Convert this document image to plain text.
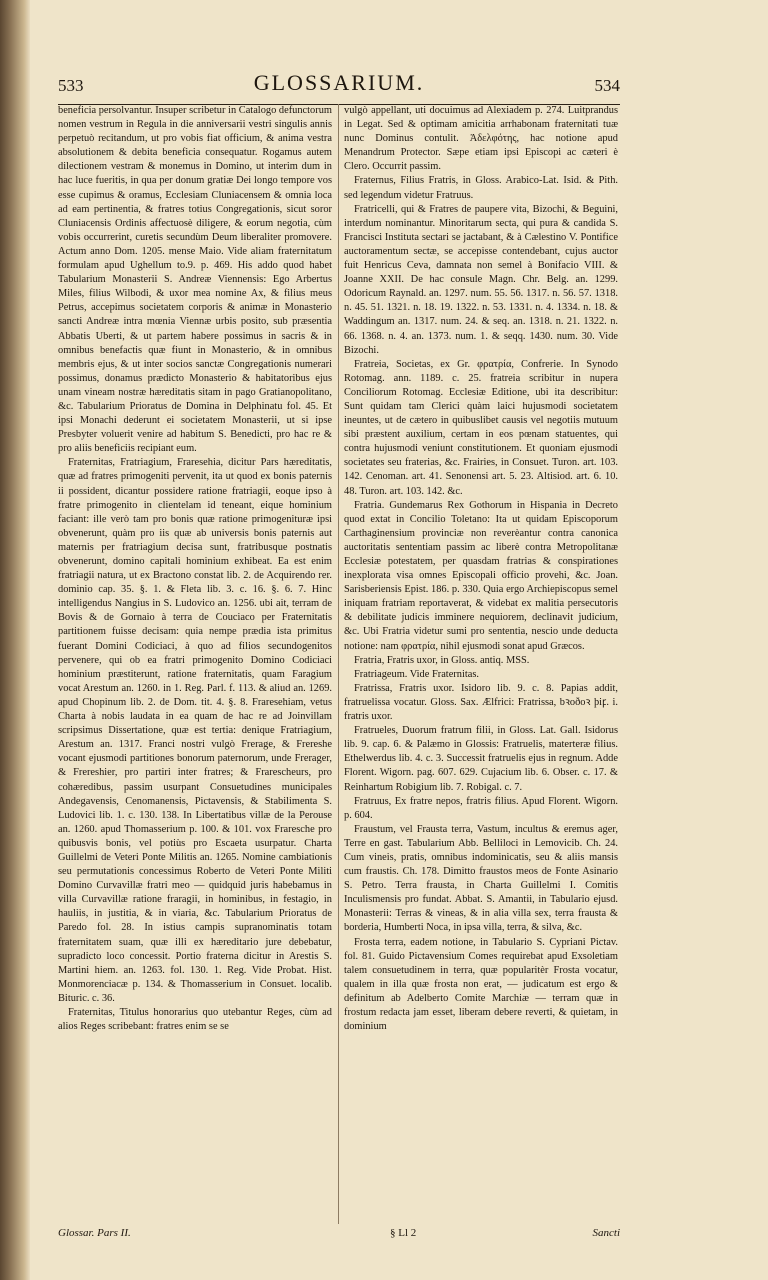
533	GLOSSARIUM.	534

beneficia persolvantur. Insuper scribetur in Catalogo defunctorum nomen vestrum in Regula in die anniversarii vestri singulis annis perpetuò recitandum, ut pro vobis fiat officium, & anima vestra absolutionem & debita beneficia consequatur. Rogamus autem dilectionem vestram & monemus in Domino, ut interim dum in hac luce fueritis, in qua per donum gratiæ Dei longo tempore vos esse cupimus & oramus, Ecclesiam Cluniacensem & omnia loca ad eam pertinentia, & fratres totius Congregationis, sicut soror Cluniacensis Ordinis affectuosè diligere, & eorum negotia, cùm vobis occurrerint, curetis secundùm Deum liberaliter promovere. Actum anno Dom. 1205. mense Maio. Vide aliam fraternitatum formulam apud Ughellum to.9. p. 469. His addo quod habet Tabularium Monasterii S. Andreæ Viennensis: Ego Arbertus Miles, filius Wilbodi, & uxor mea nomine Ax, & filius meus Petrus, accepimus societatem corporis & animæ in Monasterio sancti Andreæ intra mœnia Viennæ urbis posito, sub præsentia Abbatis Uberti, & ut partem habere possimus in sacris & in omnibus benefactis quæ fiunt in Monasterio, & in omnibus membris ejus, & ut inter socios sanctæ Congregationis numerari possimus, donamus prædicto Monasterio & habitatoribus ejus unam vineam nostræ hæreditatis sitam in pago Gratianopolitano, &c. Tabularium Prioratus de Domina in Delphinatu fol. 45. Et ipsi Monachi dederunt ei societatem Monasterii, ut si ipse Presbyter voluerit venire ad habitum S. Benedicti, pro hac re & pro aliis beneficiis recipiant eum.

Fraternitas, Fratriagium, Fraresehia, dicitur Pars hæreditatis, quæ ad fratres primogeniti pervenit, ita ut quod ex bonis paternis ii possident, dicantur possidere ratione fratriagii, eoque ipso à fratre primogenito in clientelam id teneant, eique hominium faciant: ille verò tam pro bonis quæ ratione primogenituræ ipsi obvenerunt, quàm pro iis quæ ab universis bonis paternis aut maternis per fratriagium decisa sunt, fratribusque postnatis obvenerunt, domino capitali hominium exhibeat. Ea est enim fratriagii natura, ut ex Bractono constat lib. 2. de Acquirendo rer. dominio cap. 35. §. 1. & Fleta lib. 3. c. 16. §. 6. 7. Hinc intelligendus Nangius in S. Ludovico an. 1256. ubi ait, terram de Bovis & de Gornaio à terra de Couciaco per Fraternitatis partitionem fuisse decisam: quia nempe prædia ista primitus fuerant Domini Codiciaci, à quo ad filios secundogenitos pervenere, qui ob ea fratri primogenito Domino Codiciaci hominium præstiterunt, ratione fraternitatis, quam Faragium vocat Arestum an. 1260. in 1. Reg. Parl. f. 113. & aliud an. 1269. apud Chopinum lib. 2. de Dom. tit. 4. §. 8. Fraresehiam, vetus Charta à nobis laudata in ea quam de hac re ad Joinvillam scripsimus Dissertatione, quæ est tertia: denique Fratriagium, Arestum an. 1317. Franci nostri vulgò Frerage, & Frereshe vocant ejusmodi partitiones bonorum paternorum, unde Frerager, & Frereshier, pro partiri inter fratres; & Frarescheurs, pro cohæredibus, passim usurpant Consuetudines municipales Andegavensis, Cenomanensis, Pictavensis, & Stabilimenta S. Ludovici lib. 1. c. 130. 138. In Libertatibus villæ de la Perouse an. 1260. apud Thomasserium p. 100. & 101. vox Fraresche pro quibusvis bonis, vel potiùs pro Escaeta usurpatur. Charta Guillelmi de Veteri Ponte Militis an. 1265. Nomine cambiationis seu permutationis concessimus Roberto de Veteri Ponte Militi Domino Curvavillæ fratri meo — quidquid juris habebamus in villa Curvavillæ ratione fraragii, in hominibus, in festagio, in hauliis, in justitia, & in viaria, &c. Tabularium Prioratus de Paredo fol. 28. In istius campis supranominatis totam fraternitatem suam, quæ illi ex hæreditario jure debebatur, supradicto loco concessit. Portio fraterna dicitur in Arestis S. Martini hiem. an. 1263. fol. 130. 1. Reg. Vide Probat. Hist. Monmorenciacæ p. 134. & Thomasserium in Consuet. localib. Bituric. c. 36.

Fraternitas, Titulus honorarius quo utebantur Reges, cùm ad alios Reges scribebant: fratres enim se se

vulgò appellant, uti docuimus ad Alexiadem p. 274. Luitprandus in Legat. Sed & optimam amicitia arrhabonam fraternitati tuæ nunc Dominus contulit. Ἀδελφότης, hac notione apud Menandrum Protector. Sæpe etiam ipsi Episcopi ac cæteri è Clero. Occurrit passim.

Fraternus, Filius Fratris, in Gloss. Arabico-Lat. Isid. & Pith. sed legendum videtur Fratruus.

Fratricelli, qui & Fratres de paupere vita, Bizochi, & Beguini, interdum nominantur. Minoritarum secta, qui pura & candida S. Francisci Instituta sectari se jactabant, & à Cælestino V. Pontifice auctoramentum sectæ, se accepisse contendebant, cujus auctor fuit Henricus Ceva, damnata non semel à Bonifacio VIII. & Joanne XXII. De hac consule Magn. Chr. Belg. an. 1299. Odoricum Raynald. an. 1297. num. 55. 56. 1317. n. 56. 57. 1318. n. 45. 51. 1321. n. 18. 19. 1322. n. 53. 1331. n. 4. 1334. n. 18. & Waddingum an. 1317. num. 24. & seq. an. 1318. n. 21. 1322. n. 66. 1368. n. 4. an. 1373. num. 1. & seqq. 1430. num. 30. Vide Bizochi.

Fratreia, Societas, ex Gr. φρατρία, Confrerie. In Synodo Rotomag. ann. 1189. c. 25. fratreia scribitur in nupera Conciliorum Rotomag. Ecclesiæ Editione, ubi ita describitur: Sunt quidam tam Clerici quàm laici hujusmodi societatem ineuntes, ut de cætero in quibuslibet causis vel negotiis mutuum sibi præstent auxilium, certam in eos pœnam statuentes, qui contra hujusmodi veniunt constitutionem. Et quoniam ejusmodi societates seu fraterias, &c. Frairies, in Consuet. Turon. art. 103. 142. Cenoman. art. 41. Senonensi art. 5. 23. Altisiod. art. 6. 10. 48. Turon. art. 103. 142. &c.

Fratria. Gundemarus Rex Gothorum in Hispania in Decreto quod extat in Concilio Toletano: Ita ut quidam Episcoporum Carthaginensium provinciæ non reverèantur contra canonica auctoritatis sententiam passim ac liberè contra Metropolitanæ Ecclesiæ potestatem, per quasdam fratrias & conspirationes inexplorata visa omnes Episcopali officio provehi, &c. Joan. Sarisberiensis Epist. 186. p. 330. Quia ergo Archiepiscopus semel iniquam fratriam reportaverat, & videbat ex malitia persecutoris & debilitate judicis imminere nequiorem, declinavit judicium, &c. Ubi Fratria videtur sumi pro sententia, nescio unde deducta notione: nam φρατρία, nihil ejusmodi sonat apud Græcos.

Fratria, Fratris uxor, in Gloss. antiq. MSS.

Fratriageum. Vide Fraternitas.

Fratrissa, Fratris uxor. Isidoro lib. 9. c. 8. Papias addit, fratruelissa vocatur. Gloss. Sax. Ælfrici: Fratrissa, bꝛoðoꝛ þiꝼ. i. fratris uxor.

Fratrueles, Duorum fratrum filii, in Gloss. Lat. Gall. Isidorus lib. 9. cap. 6. & Palæmo in Glossis: Fratruelis, materteræ filius. Ethelwerdus lib. 4. c. 3. Successit fratruelis ejus in regnum. Adde Florent. Wigorn. pag. 607. 629. Cujacium lib. 6. Obser. c. 17. & Reinhartum Robigium lib. 7. Robigal. c. 7.

Fratruus, Ex fratre nepos, fratris filius. Apud Florent. Wigorn. p. 604.

Fraustum, vel Frausta terra, Vastum, incultus & eremus ager, Terre en gast. Tabularium Abb. Belliloci in Lemovicib. Ch. 24. Cum vineis, pratis, omnibus indominicatis, seu & aliis mansis cum fraustis. Ch. 178. Dimitto fraustos meos de Fonte Asinario S. Petro. Terra frausta, in Charta Guillelmi I. Comitis Inculismensis pro fundat. Abbat. S. Amantii, in Tabulario ejusd. Monasterii: Terras & vineas, & in alia villa sex, terra frausta & borderia, Humberti Noca, in ipsa villa, terra, & silva, &c.

Frosta terra, eadem notione, in Tabulario S. Cypriani Pictav. fol. 81. Guido Pictavensium Comes requirebat apud Exsoletiam talem consuetudinem in terra, quæ popularitèr Frosta vocatur, qualem in illa quæ frosta non erat, — judicatum est ergo & definitum ab Adelberto Comite Marchiæ — terram quæ in frostum redacta jam esset, liberam debere reverti, & quietam, in dominium

Glossar. Pars II.	§ Ll 2	Sancti
